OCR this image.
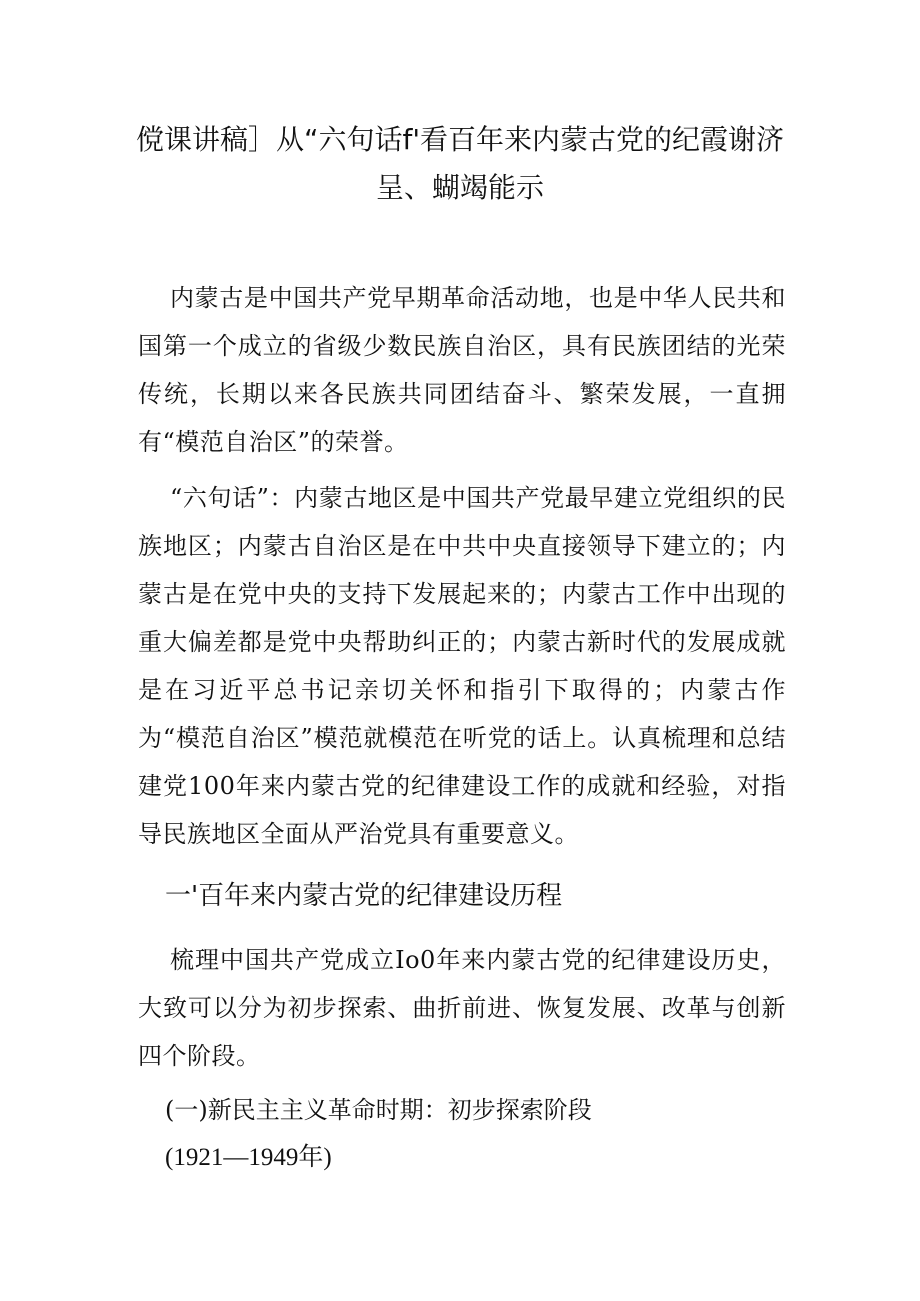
傥课讲稿］从“六句话f'看百年来内蒙古党的纪霞谢济
呈、蝴竭能示

内蒙古是中国共产党早期革命活动地，也是中华人民共和国第一个成立的省级少数民族自治区，具有民族团结的光荣传统，长期以来各民族共同团结奋斗、繁荣发展，一直拥有“模范自治区”的荣誉。

“六句话”：内蒙古地区是中国共产党最早建立党组织的民族地区；内蒙古自治区是在中共中央直接领导下建立的；内蒙古是在党中央的支持下发展起来的；内蒙古工作中出现的重大偏差都是党中央帮助纠正的；内蒙古新时代的发展成就是在习近平总书记亲切关怀和指引下取得的；内蒙古作为“模范自治区”模范就模范在听党的话上。认真梳理和总结建党100年来内蒙古党的纪律建设工作的成就和经验，对指导民族地区全面从严治党具有重要意义。

一'百年来内蒙古党的纪律建设历程

梳理中国共产党成立Io0年来内蒙古党的纪律建设历史，大致可以分为初步探索、曲折前进、恢复发展、改革与创新四个阶段。

(一)新民主主义革命时期：初步探索阶段

(1921—1949年)
